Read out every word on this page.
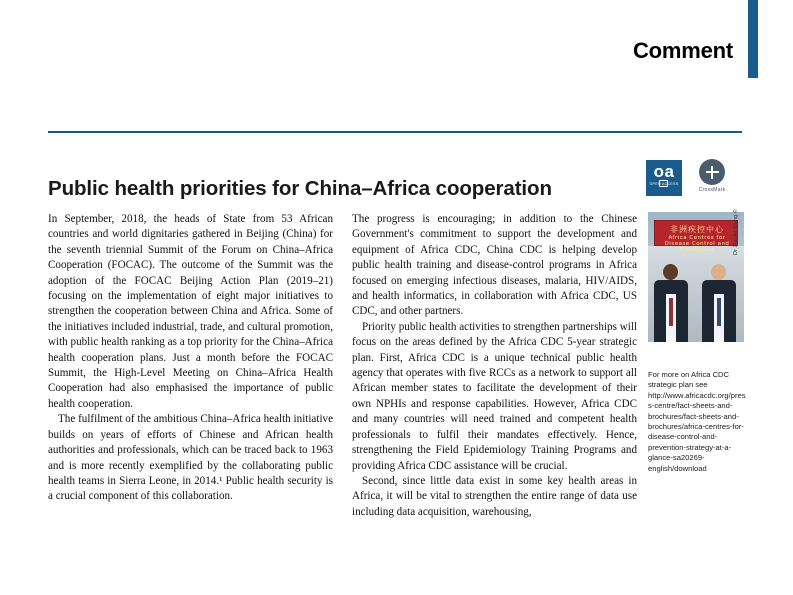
Comment
Public health priorities for China–Africa cooperation
oa
OPEN ACCESS
CrossMark

In September, 2018, the heads of State from 53 African countries and world dignitaries gathered in Beijing (China) for the seventh triennial Summit of the Forum on China–Africa Cooperation (FOCAC). The outcome of the Summit was the adoption of the FOCAC Beijing Action Plan (2019–21) focusing on the implementation of eight major initiatives to strengthen the cooperation between China and Africa. Some of the initiatives included industrial, trade, and cultural promotion, with public health ranking as a top priority for the China–Africa health cooperation plans. Just a month before the FOCAC Summit, the High-Level Meeting on China–Africa Health Cooperation had also emphasised the importance of public health cooperation.

The fulfilment of the ambitious China–Africa health initiative builds on years of efforts of Chinese and African health authorities and professionals, which can be traced back to 1963 and is more recently exemplified by the collaborating public health teams in Sierra Leone, in 2014.¹ Public health security is a crucial component of this collaboration.

The progress is encouraging; in addition to the Chinese Government's commitment to support the development and equipment of Africa CDC, China CDC is helping develop public health training and disease-control programs in Africa focused on emerging infectious diseases, malaria, HIV/AIDS, and health informatics, in collaboration with Africa CDC, US CDC, and other partners.

Priority public health activities to strengthen partnerships will focus on the areas defined by the Africa CDC 5-year strategic plan. First, Africa CDC is a unique technical public health agency that operates with five RCCs as a network to support all African member states to facilitate the development of their own NPHIs and response capabilities. However, Africa CDC and many countries will need trained and competent health professionals to fulfil their mandates effectively. Hence, strengthening the Field Epidemiology Training Programs and providing Africa CDC assistance will be crucial.

Second, since little data exist in some key health areas in Africa, it will be vital to strengthen the entire range of data use including data acquisition, warehousing,

非洲疾控中心
Africa Centres for Disease Control and Prevention	Dr Xiaolei Wang ©
For more on Africa CDC strategic plan see http://www.africacdc.org/press-centre/fact-sheets-and-brochures/fact-sheets-and-brochures/africa-centres-for-disease-control-and-prevention-strategy-at-a-glance-sa20269-english/download
